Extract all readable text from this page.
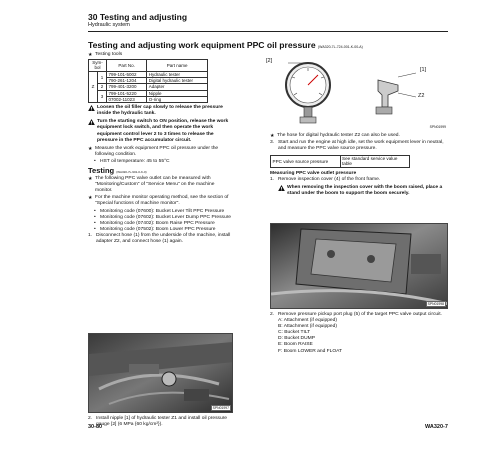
30 Testing and adjusting
Hydraulic system
Testing and adjusting work equipment PPC oil pressure (WA320-7L-724-001-K-00-A)
★ Testing tools
Sym-bol		Part No.	Part name
Z	1	799-101-5002	Hydraulic tester
		790-261-1204	Digital hydraulic tester
	2	799-401-3200	Adapter
	3	799-101-5220	Nipple
		07002-11023	O-ring
Loosen the oil filler cap slowly to release the pressure inside the hydraulic tank.
Turn the starting switch to ON position, release the work equipment lock switch, and then operate the work equipment control lever 2 to 3 times to release the pressure in the PPC accumulator circuit.
★ Measure the work equipment PPC oil pressure under the following condition.
• HST oil temperature: 45 to 55°C
Testing (WA320-7L-901-0-K-0)
★ The following PPC valve outlet can be measured with "Monitoring/Custom" of "Service Menu" on the machine monitor.
★ For the machine monitor operating method, see the section of "Special functions of machine monitor".
• Monitoring code (07600): Bucket Lever Tilt PPC Pressure
• Monitoring code (07602): Bucket Lever Dump PPC Pressure
• Monitoring code (07402): Boom Raise PPC Pressure
• Monitoring code (07502): Boom Lower PPC Pressure
1. Disconnect hose (1) from the underside of the machine, install adapter Z2, and connect hose (1) again.
SPN01997
2. Install nipple [1] of hydraulic tester Z1 and install oil pressure gauge [2] (6 MPa {60 kg/cm²}).
[2]
[1]
Z2
SPN01999
★ The hose for digital hydraulic tester Z2 can also be used.
3. Start and run the engine at high idle, set the work equipment lever in neutral, and measure the PPC valve source pressure.
PPC valve source pressure	See standard service value table
Measuring PPC valve outlet pressure
1. Remove inspection cover (4) of the front frame.
When removing the inspection cover with the boom raised, place a stand under the boom to support the boom securely.
SPN01998
2. Remove pressure pickup port plug (5) of the target PPC valve output circuit.
A: Attachment (if equipped)
B: Attachment (if equipped)
C: Bucket TILT
D: Bucket DUMP
E: Boom RAISE
F: Boom LOWER and FLOAT
30-80	WA320-7
